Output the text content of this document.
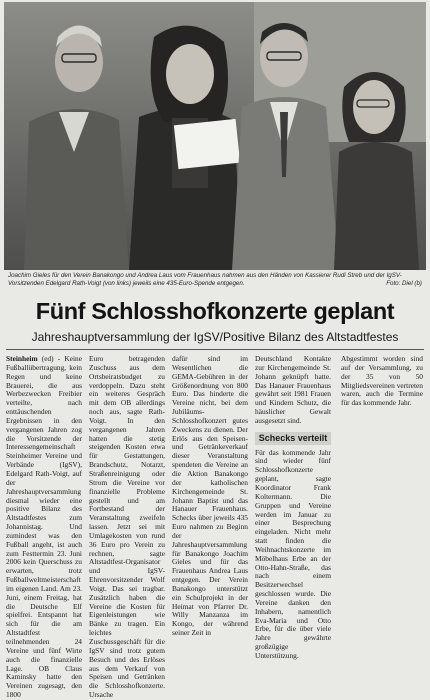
Joachim Gieles für den Verein Banakongo und Andrea Laus vom Frauenhaus nahmen aus den Händen von Kassierer Rudi Streb und der IgSV-Vorsitzenden Edelgard Rath-Voigt (von links) jeweils eine 435-Euro-Spende entgegen.	Foto: Diel (b)
Fünf Schlosshofkonzerte geplant
Jahreshauptversammlung der IgSV/Positive Bilanz des Altstadtfestes

Steinheim (ed) - Keine Fußballübertragung, kein Regen und keine Brauerei, die aus Werbezwecken Freibier verteilte, nach enttäuschenden Ergebnissen in den vergangenen Jahren zog die Vorsitzende der Interessengemeinschaft Steinheimer Vereine und Verbände (IgSV), Edelgard Rath-Voigt, auf der Jahreshauptversammlung diesmal wieder eine positive Bilanz des Altstadtfestes zum Johannistag. Und zumindest was den Fußball angeht, ist auch zum Festtermin 23. Juni 2006 kein Querschuss zu erwarten, trotz Fußballweltmeisterschaft im eigenen Land. Am 23. Juni, einem Freitag, hat die Deutsche Elf spielfrei. Entspannt hat sich für die am Altstadtfest teilnehmenden 24 Vereine und fünf Wirte auch die finanzielle Lage. OB Claus Kaminsky hatte den Vereinen zugesagt, den 1800

Euro betragenden Zuschuss aus dem Ortsbeiratsbudget zu verdoppeln. Dazu steht ein weiteres Gespräch mit dem OB allerdings noch aus, sagte Rath-Voigt. In den vergangenen Jahren hatten die stetig steigenden Kosten etwa für Gestattungen, Brandschutz, Notarzt, Straßenreinigung oder Strom die Vereine vor finanzielle Probleme gestellt und am Fortbestand der Veranstaltung zweifeln lassen. Jetzt sei mit Umlagekosten von rund 36 Euro pro Verein zu rechnen, sagte Altstadtfest-Organisator und IgSV-Ehrenvorsitzender Wolf Voigt. Das sei tragbar. Zusätzlich haben die Vereine die Kosten für Eigenleistungen wie Bänke zu tragen. Ein leichtes Zuschussgeschäft für die IgSV sind trotz gutem Besuch und des Erlöses aus dem Verkauf von Speisen und Getränken die Schlosshofkonzerte. Ursache

dafür sind im Wesentlichen die GEMA-Gebühren in der Größenordnung von 800 Euro. Das hinderte die Vereine nicht, bei dem Jubiläums-Schlosshofkonzert gutes Zweckens zu dienen. Der Erlös aus den Speisen- und Getränkeverkauf dieser Veranstaltung spendeten die Vereine an die Aktion Banakongo der katholischen Kirchengemeinde St. Johann Baptist und das Hanauer Frauenhaus. Schecks über jeweils 435 Euro nahmen zu Beginn der Jahreshauptversammlung für Banakongo Joachim Gieles und für das Frauenhaus Andrea Laus entgegen. Der Verein Banakongo unterstützt ein Schulprojekt in der Heimat von Pfarrer Dr. Willy Manzanza im Kongo, der während seiner Zeit in

Deutschland Kontakte zur Kirchengemeinde St. Johann geknüpft hatte. Das Hanauer Frauenhaus gewährt seit 1981 Frauen und Kindern Schutz, die häuslicher Gewalt ausgesetzt sind.

Schecks verteilt

Für das kommende Jahr sind wieder fünf Schlosshofkonzerte geplant, sagte Koordinator Frank Koltermann. Die Gruppen und Vereine werden im Januar zu einer Besprechung eingeladen. Nicht mehr statt finden die Weihnachtskonzerte im Möbelhaus Erbe an der Otto-Hahn-Straße, das nach einem Besitzerwechsel geschlossen wurde. Die Vereine danken den Inhabern, namentlich Eva-Maria und Otto Erbe, für die über viele Jahre gewährte großzügige Unterstützung.

Abgestimmt worden sind auf der Versammlung, zu der 35 von 50 Mitgliedsvereinen vertreten waren, auch die Termine für das kommende Jahr.
